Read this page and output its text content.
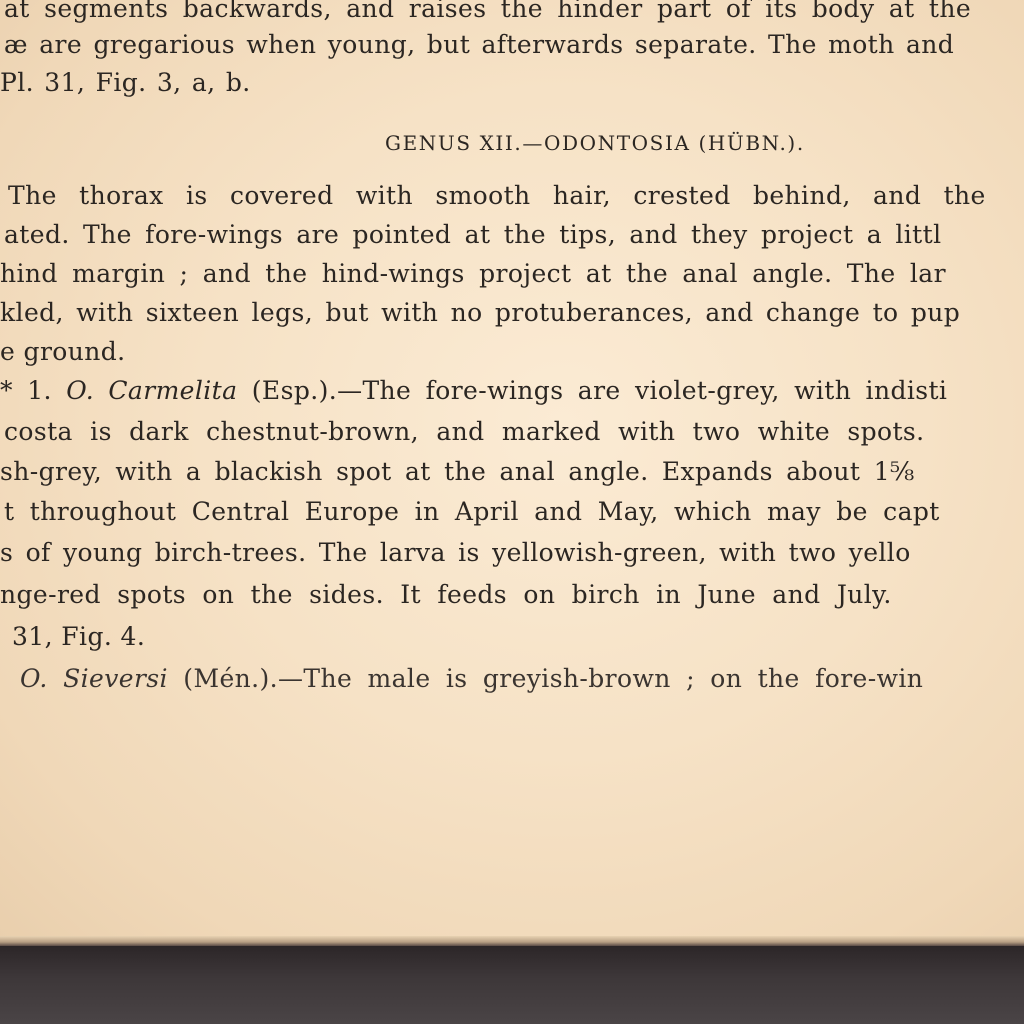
at segments backwards, and raises the hinder part of its body at the
æ are gregarious when young, but afterwards separate. The moth and
Pl. 31, Fig. 3, a, b.
GENUS XII.—ODONTOSIA (HÜBN.).
The thorax is covered with smooth hair, crested behind, and the
ated. The fore-wings are pointed at the tips, and they project a littl
hind margin ; and the hind-wings project at the anal angle. The lar
kled, with sixteen legs, but with no protuberances, and change to pup
e ground.
* 1. O. Carmelita (Esp.).—The fore-wings are violet-grey, with indisti
costa is dark chestnut-brown, and marked with two white spots.
sh-grey, with a blackish spot at the anal angle. Expands about 1⅝
t throughout Central Europe in April and May, which may be capt
s of young birch-trees. The larva is yellowish-green, with two yello
nge-red spots on the sides. It feeds on birch in June and July.
31, Fig. 4.
O. Sieversi (Mén.).—The male is greyish-brown ; on the fore-win
